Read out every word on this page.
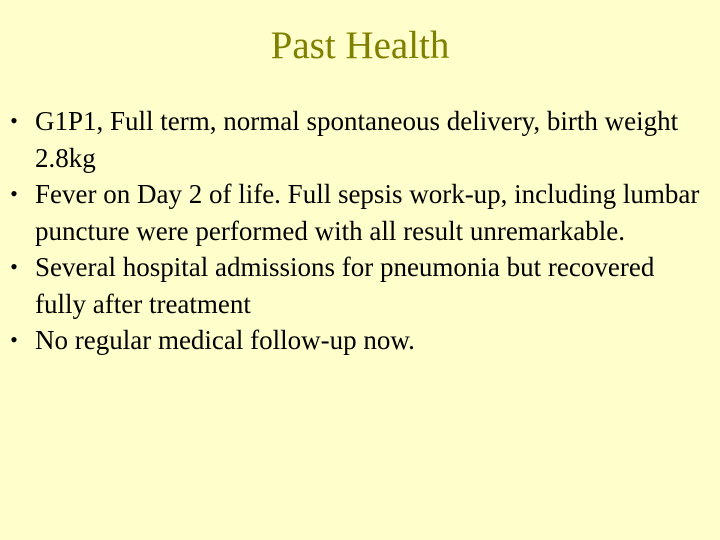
Past Health
• G1P1, Full term, normal spontaneous delivery, birth weight 2.8kg
• Fever on Day 2 of life. Full sepsis work-up, including lumbar puncture were performed with all result unremarkable.
• Several hospital admissions for pneumonia but recovered fully after treatment
• No regular medical follow-up now.
